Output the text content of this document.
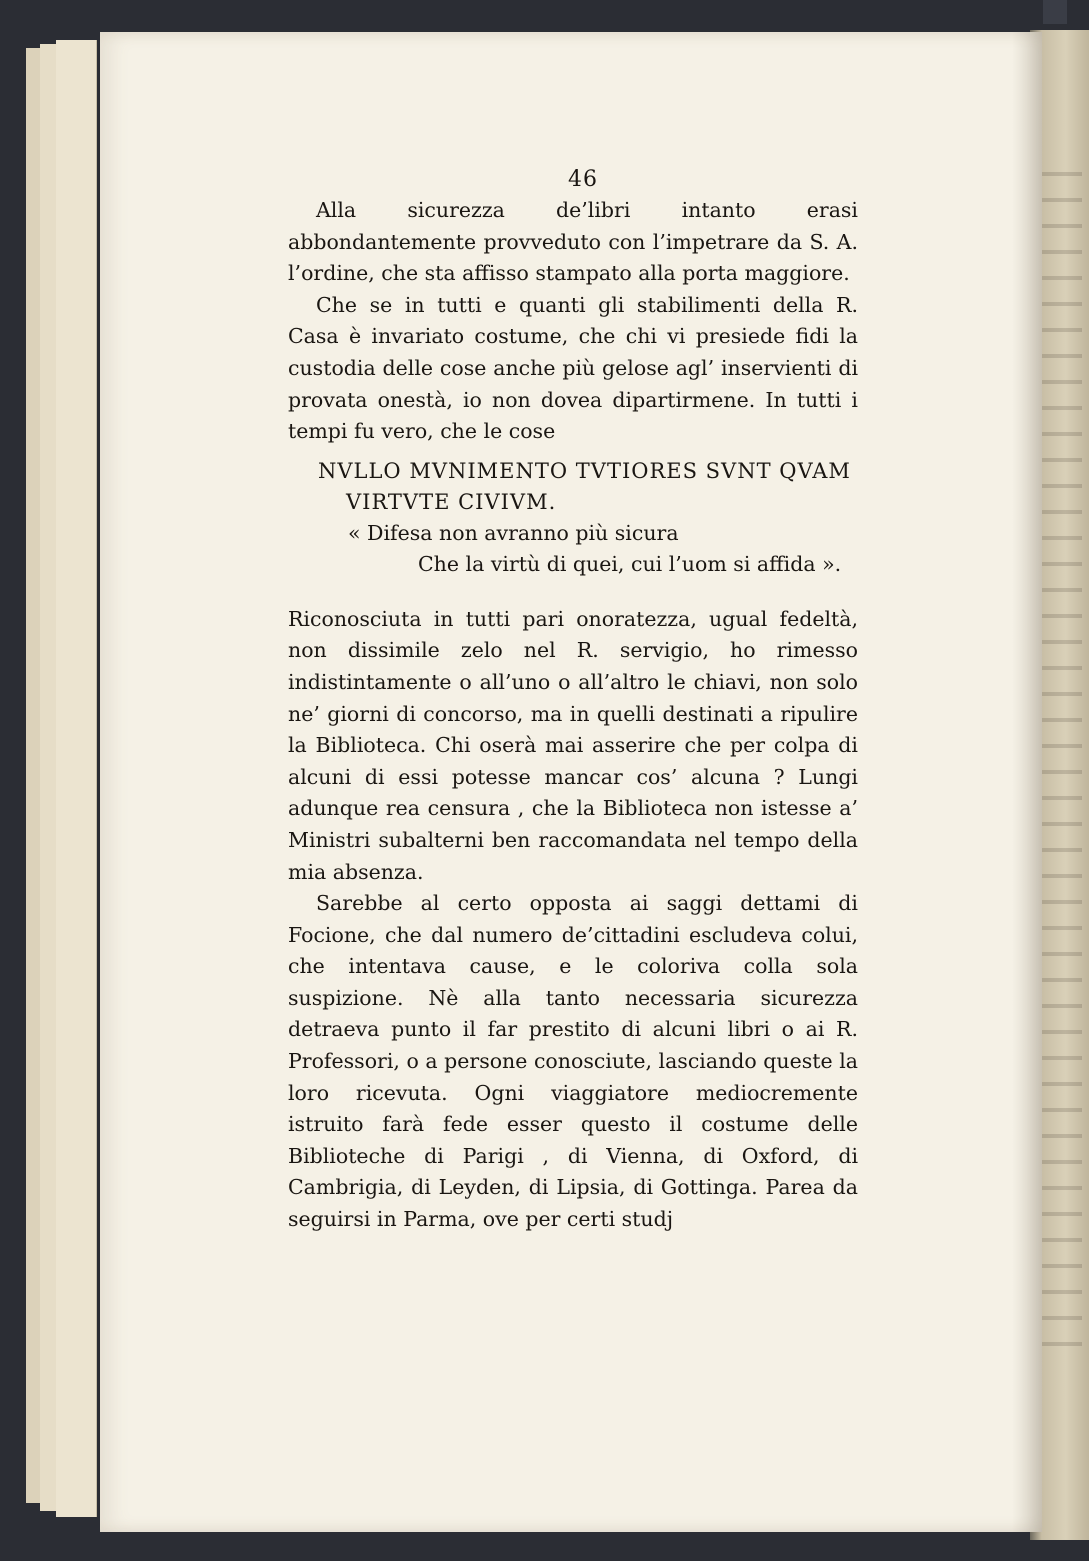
46

Alla sicurezza de’libri intanto erasi abbondantemente provveduto con l’impetrare da S. A. l’ordine, che sta affisso stampato alla porta maggiore.

Che se in tutti e quanti gli stabilimenti della R. Casa è invariato costume, che chi vi presiede fidi la custodia delle cose anche più gelose agl’ inservienti di provata onestà, io non dovea dipartirmene. In tutti i tempi fu vero, che le cose

NVLLO MVNIMENTO TVTIORES SVNT QVAM
VIRTVTE CIVIVM.
« Difesa non avranno più sicura
Che la virtù di quei, cui l’uom si affida ».

Riconosciuta in tutti pari onoratezza, ugual fedeltà, non dissimile zelo nel R. servigio, ho rimesso indistintamente o all’uno o all’altro le chiavi, non solo ne’ giorni di concorso, ma in quelli destinati a ripulire la Biblioteca. Chi oserà mai asserire che per colpa di alcuni di essi potesse mancar cos’ alcuna ? Lungi adunque rea censura , che la Biblioteca non istesse a’ Ministri subalterni ben raccomandata nel tempo della mia absenza.

Sarebbe al certo opposta ai saggi dettami di Focione, che dal numero de’cittadini escludeva colui, che intentava cause, e le coloriva colla sola suspizione. Nè alla tanto necessaria sicurezza detraeva punto il far prestito di alcuni libri o ai R. Professori, o a persone conosciute, lasciando queste la loro ricevuta. Ogni viaggiatore mediocremente istruito farà fede esser questo il costume delle Biblioteche di Parigi , di Vienna, di Oxford, di Cambrigia, di Leyden, di Lipsia, di Gottinga. Parea da seguirsi in Parma, ove per certi studj
